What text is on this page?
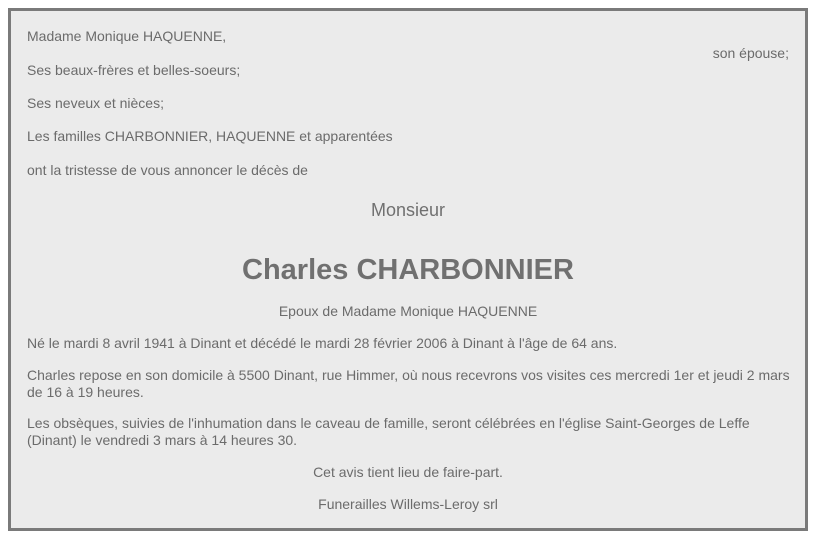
Madame Monique HAQUENNE,
son épouse;
Ses beaux-frères et belles-soeurs;
Ses neveux et nièces;
Les familles CHARBONNIER, HAQUENNE et apparentées
ont la tristesse de vous annoncer le décès de
Monsieur
Charles CHARBONNIER
Epoux de Madame Monique HAQUENNE
Né le mardi 8 avril 1941 à Dinant et décédé le mardi 28 février 2006 à Dinant à l'âge de 64 ans.
Charles repose en son domicile à 5500 Dinant, rue Himmer, où nous recevrons vos visites ces mercredi 1er et jeudi 2 mars de 16 à 19 heures.
Les obsèques, suivies de l'inhumation dans le caveau de famille, seront célébrées en l'église Saint-Georges de Leffe (Dinant) le vendredi 3 mars à 14 heures 30.
Cet avis tient lieu de faire-part.
Funerailles Willems-Leroy srl
